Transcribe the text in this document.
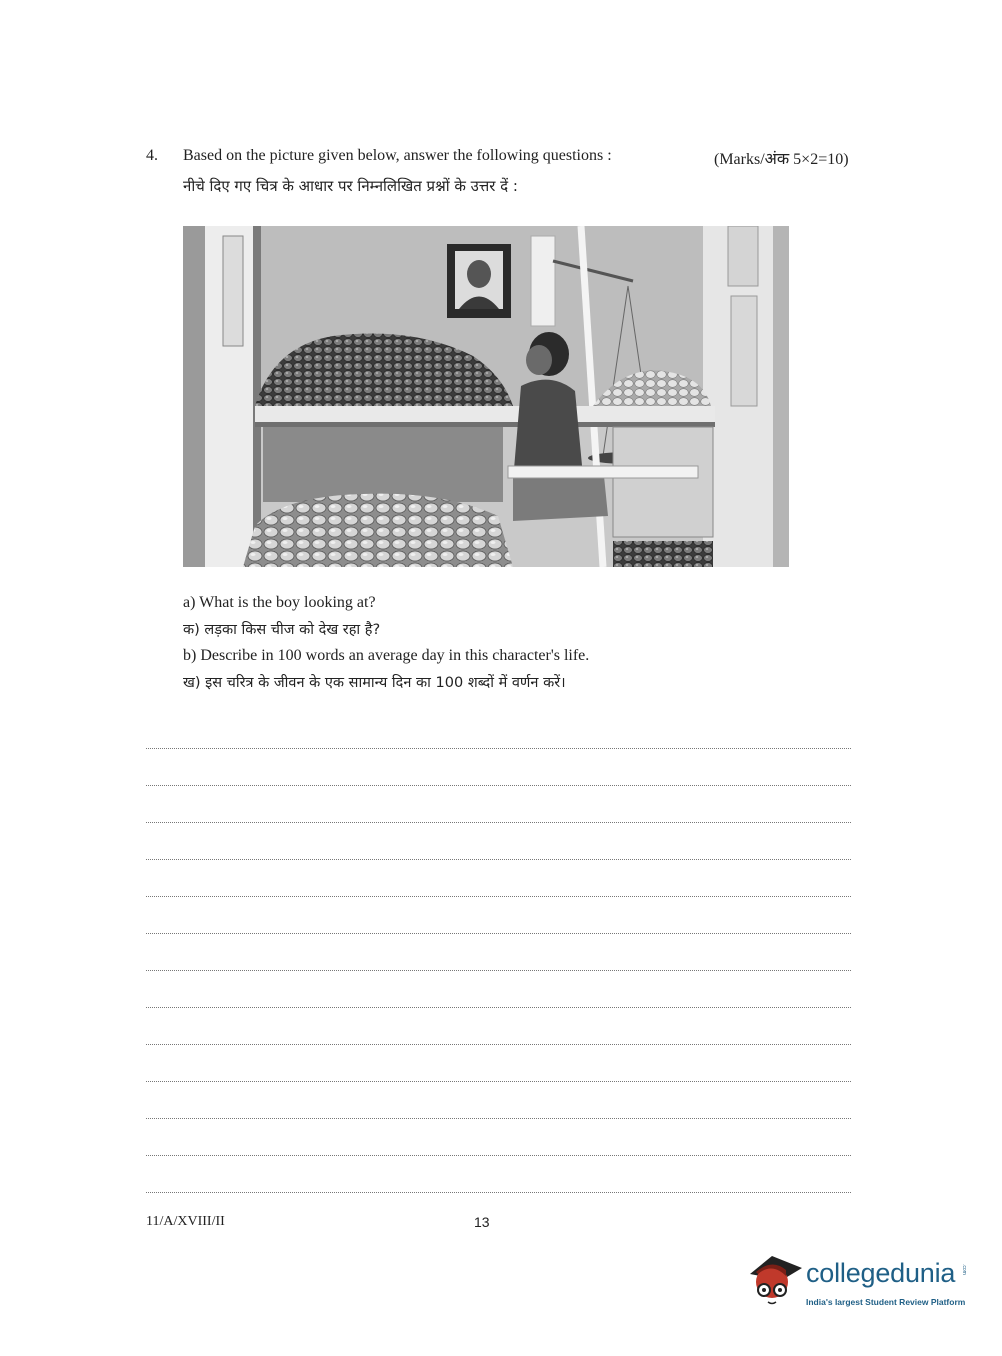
4. Based on the picture given below, answer the following questions :	(Marks/अंक 5×2=10)
नीचे दिए गए चित्र के आधार पर निम्नलिखित प्रश्नों के उत्तर दें :
a) What is the boy looking at?
क) लड़का किस चीज को देख रहा है?
b) Describe in 100 words an average day in this character's life.
ख) इस चरित्र के जीवन के एक सामान्य दिन का 100 शब्दों में वर्णन करें।
11/A/XVIII/II	13
collegedunia .com
India's largest Student Review Platform
